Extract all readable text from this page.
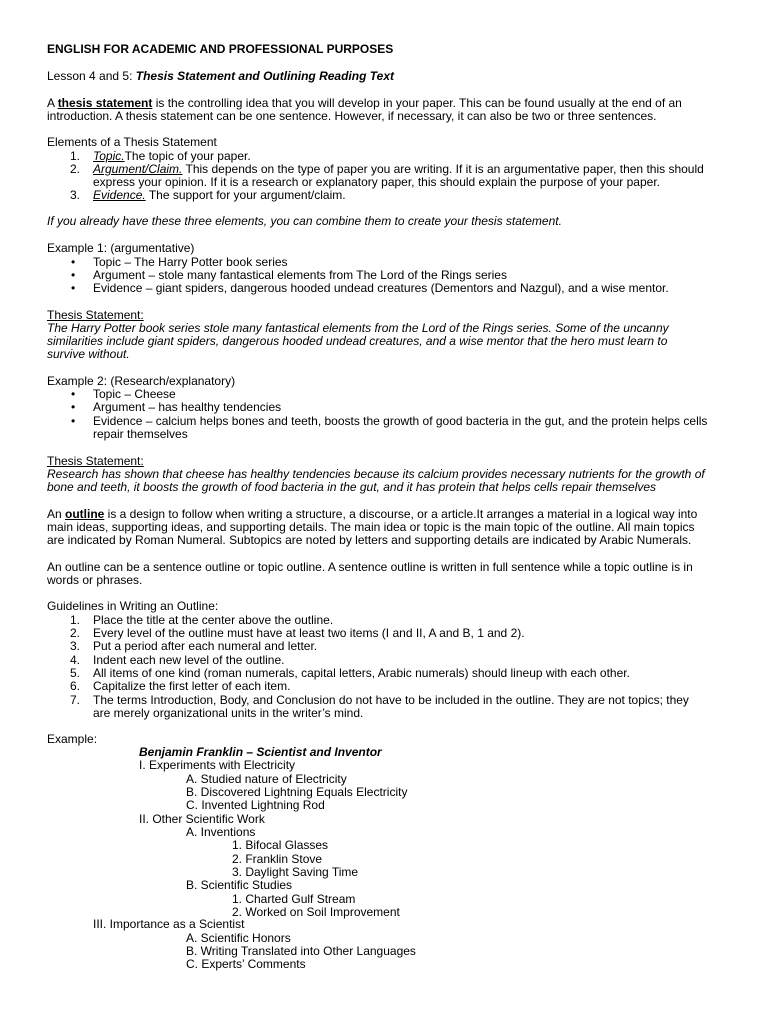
ENGLISH FOR ACADEMIC AND PROFESSIONAL PURPOSES
Lesson 4 and 5: Thesis Statement and Outlining Reading Text
A thesis statement is the controlling idea that you will develop in your paper. This can be found usually at the end of an
introduction. A thesis statement can be one sentence. However, if necessary, it can also be two or three sentences.
Elements of a Thesis Statement
1. Topic.The topic of your paper.
2. Argument/Claim. This depends on the type of paper you are writing. If it is an argumentative paper, then this should
express your opinion. If it is a research or explanatory paper, this should explain the purpose of your paper.
3. Evidence. The support for your argument/claim.
If you already have these three elements, you can combine them to create your thesis statement.
Example 1: (argumentative)
• Topic – The Harry Potter book series
• Argument – stole many fantastical elements from The Lord of the Rings series
• Evidence – giant spiders, dangerous hooded undead creatures (Dementors and Nazgul), and a wise mentor.
Thesis Statement:
The Harry Potter book series stole many fantastical elements from the Lord of the Rings series. Some of the uncanny
similarities include giant spiders, dangerous hooded undead creatures, and a wise mentor that the hero must learn to
survive without.
Example 2: (Research/explanatory)
• Topic – Cheese
• Argument – has healthy tendencies
• Evidence – calcium helps bones and teeth, boosts the growth of good bacteria in the gut, and the protein helps cells
repair themselves
Thesis Statement:
Research has shown that cheese has healthy tendencies because its calcium provides necessary nutrients for the growth of
bone and teeth, it boosts the growth of food bacteria in the gut, and it has protein that helps cells repair themselves
An outline is a design to follow when writing a structure, a discourse, or a article.It arranges a material in a logical way into
main ideas, supporting ideas, and supporting details. The main idea or topic is the main topic of the outline. All main topics
are indicated by Roman Numeral. Subtopics are noted by letters and supporting details are indicated by Arabic Numerals.
An outline can be a sentence outline or topic outline. A sentence outline is written in full sentence while a topic outline is in
words or phrases.
Guidelines in Writing an Outline:
1. Place the title at the center above the outline.
2. Every level of the outline must have at least two items (I and II, A and B, 1 and 2).
3. Put a period after each numeral and letter.
4. Indent each new level of the outline.
5. All items of one kind (roman numerals, capital letters, Arabic numerals) should lineup with each other.
6. Capitalize the first letter of each item.
7. The terms Introduction, Body, and Conclusion do not have to be included in the outline. They are not topics; they
are merely organizational units in the writer’s mind.
Example:
Benjamin Franklin – Scientist and Inventor
I. Experiments with Electricity
A. Studied nature of Electricity
B. Discovered Lightning Equals Electricity
C. Invented Lightning Rod
II. Other Scientific Work
A. Inventions
1. Bifocal Glasses
2. Franklin Stove
3. Daylight Saving Time
B. Scientific Studies
1. Charted Gulf Stream
2. Worked on Soil Improvement
III. Importance as a Scientist
A. Scientific Honors
B. Writing Translated into Other Languages
C. Experts’ Comments
